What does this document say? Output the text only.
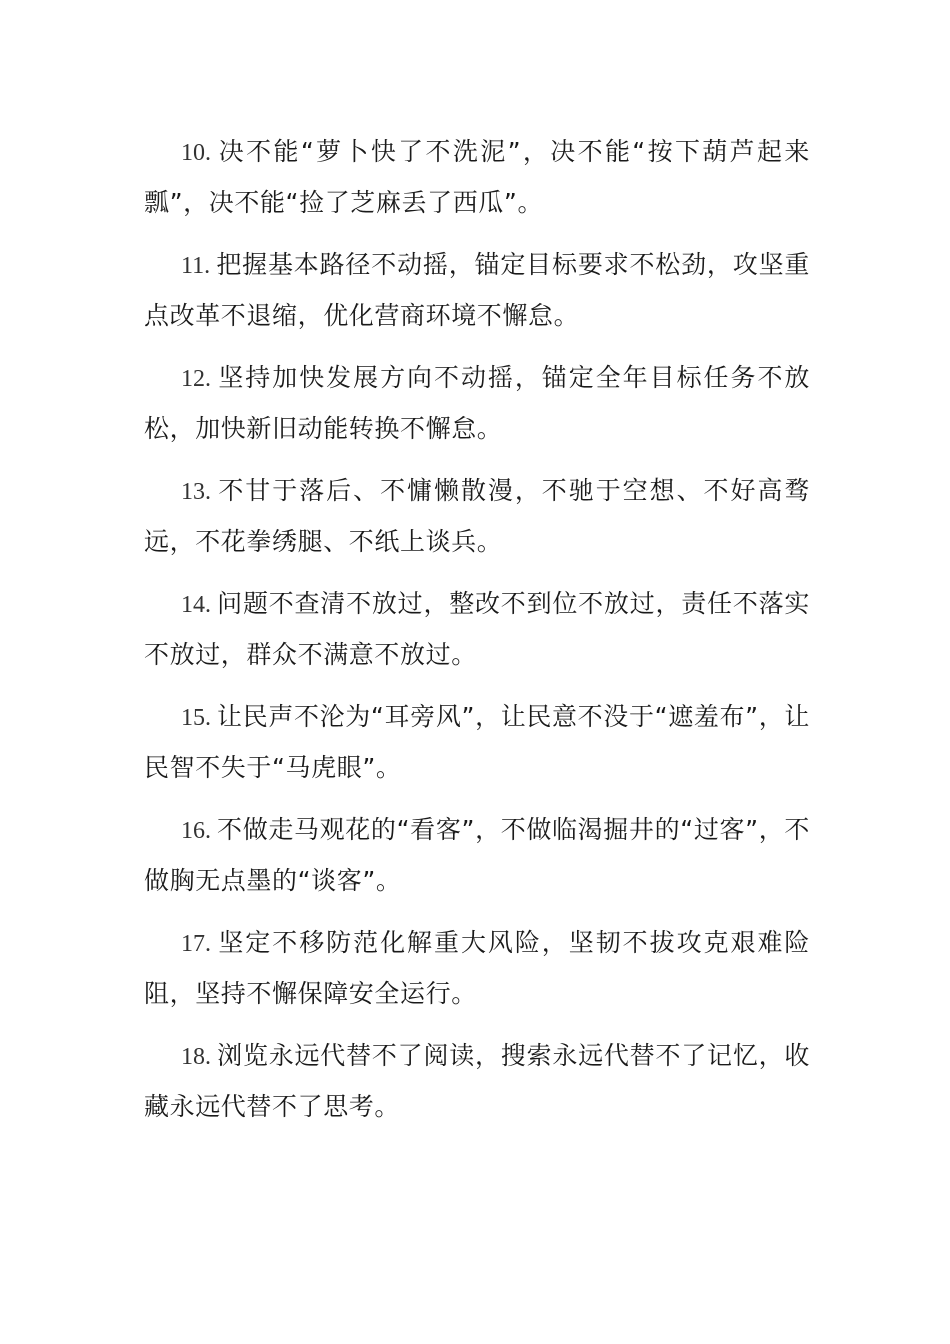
10. 决不能“萝卜快了不洗泥”，决不能“按下葫芦起来瓢”，决不能“捡了芝麻丢了西瓜”。

11. 把握基本路径不动摇，锚定目标要求不松劲，攻坚重点改革不退缩，优化营商环境不懈怠。

12. 坚持加快发展方向不动摇，锚定全年目标任务不放松，加快新旧动能转换不懈怠。

13. 不甘于落后、不慵懒散漫，不驰于空想、不好高骛远，不花拳绣腿、不纸上谈兵。

14. 问题不查清不放过，整改不到位不放过，责任不落实不放过，群众不满意不放过。

15. 让民声不沦为“耳旁风”，让民意不没于“遮羞布”，让民智不失于“马虎眼”。

16. 不做走马观花的“看客”，不做临渴掘井的“过客”，不做胸无点墨的“谈客”。

17. 坚定不移防范化解重大风险，坚韧不拔攻克艰难险阻，坚持不懈保障安全运行。

18. 浏览永远代替不了阅读，搜索永远代替不了记忆，收藏永远代替不了思考。
